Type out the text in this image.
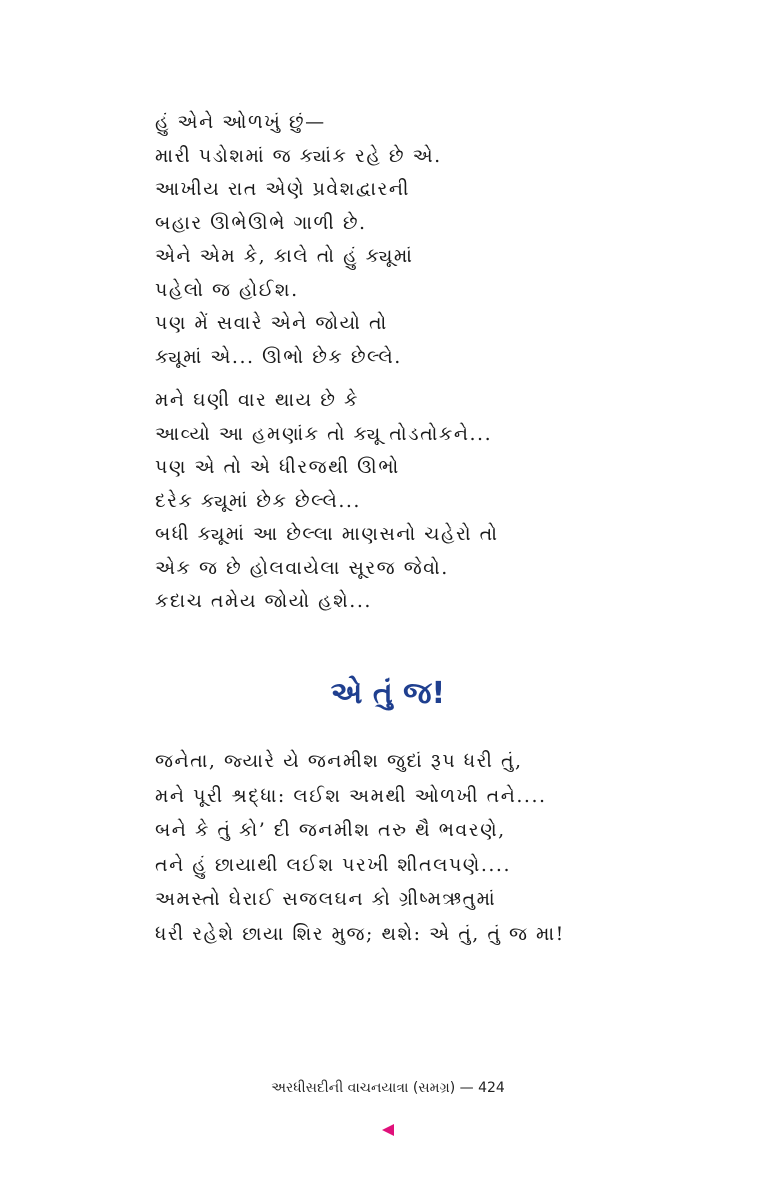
હું એને ઓળખું છું—
મારી પડોશમાં જ ક્યાંક રહે છે એ.
આખીય રાત એણે પ્રવેશદ્વારની
બહાર ઊભેઊભે ગાળી છે.
એને એમ કે, કાલે તો હું ક્યૂમાં
પહેલો જ હોઈશ.
પણ મેં સવારે એને જોયો તો
ક્યૂમાં એ... ઊભો છેક છેલ્લે.
મને ઘણી વાર થાય છે કે
આવ્યો આ હમણાંક તો ક્યૂ તોડતોકને...
પણ એ તો એ ધીરજથી ઊભો
દરેક ક્યૂમાં છેક છેલ્લે...
બધી ક્યૂમાં આ છેલ્લા માણસનો ચહેરો તો
એક જ છે હોલવાયેલા સૂરજ જેવો.
કદાચ તમેય જોયો હશે...
એ તું જ!
જનેતા, જ્યારે યે જનમીશ જુદાં રૂપ ધરી તું,
મને પૂરી શ્રદ્ધા: લઈશ અમથી ઓળખી તને....
બને કે તું કો’ દી જનમીશ તરુ થૈ ભવરણે,
તને હું છાયાથી લઈશ પરખી શીતલપણે....
અમસ્તો ઘેરાઈ સજલઘન કો ગ્રીષ્મઋતુમાં
ધરી રહેશે છાયા શિર મુજ; થશે: એ તું, તું જ મા!
અરધીસદીની વાચનયાત્રા (સમગ્ર) — 424
